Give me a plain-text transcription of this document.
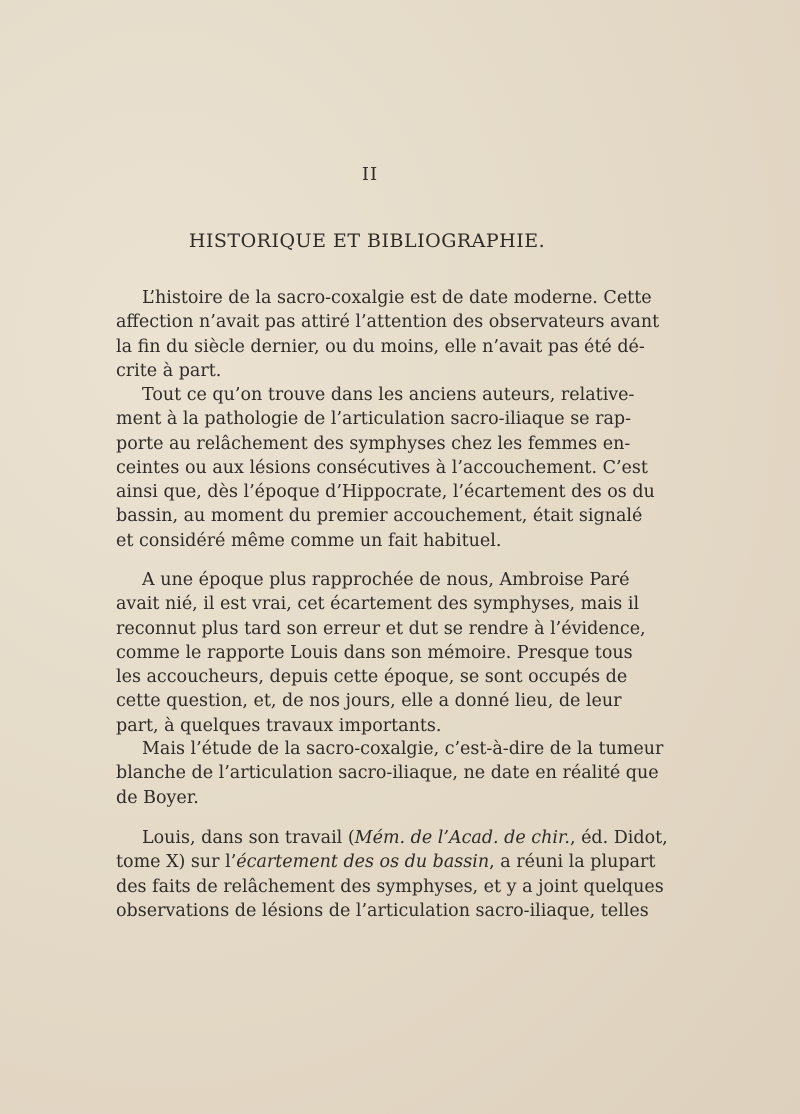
II
HISTORIQUE ET BIBLIOGRAPHIE.

L’histoire de la sacro-coxalgie est de date moderne. Cette
affection n’avait pas attiré l’attention des observateurs avant
la fin du siècle dernier, ou du moins, elle n’avait pas été dé-
crite à part.

Tout ce qu’on trouve dans les anciens auteurs, relative-
ment à la pathologie de l’articulation sacro-iliaque se rap-
porte au relâchement des symphyses chez les femmes en-
ceintes ou aux lésions consécutives à l’accouchement. C’est
ainsi que, dès l’époque d’Hippocrate, l’écartement des os du
bassin, au moment du premier accouchement, était signalé
et considéré même comme un fait habituel.

A une époque plus rapprochée de nous, Ambroise Paré
avait nié, il est vrai, cet écartement des symphyses, mais il
reconnut plus tard son erreur et dut se rendre à l’évidence,
comme le rapporte Louis dans son mémoire. Presque tous
les accoucheurs, depuis cette époque, se sont occupés de
cette question, et, de nos jours, elle a donné lieu, de leur
part, à quelques travaux importants.

Mais l’étude de la sacro-coxalgie, c’est-à-dire de la tumeur
blanche de l’articulation sacro-iliaque, ne date en réalité que
de Boyer.

Louis, dans son travail (Mém. de l’Acad. de chir., éd. Didot,
tome X) sur l’écartement des os du bassin, a réuni la plupart
des faits de relâchement des symphyses, et y a joint quelques
observations de lésions de l’articulation sacro-iliaque, telles
